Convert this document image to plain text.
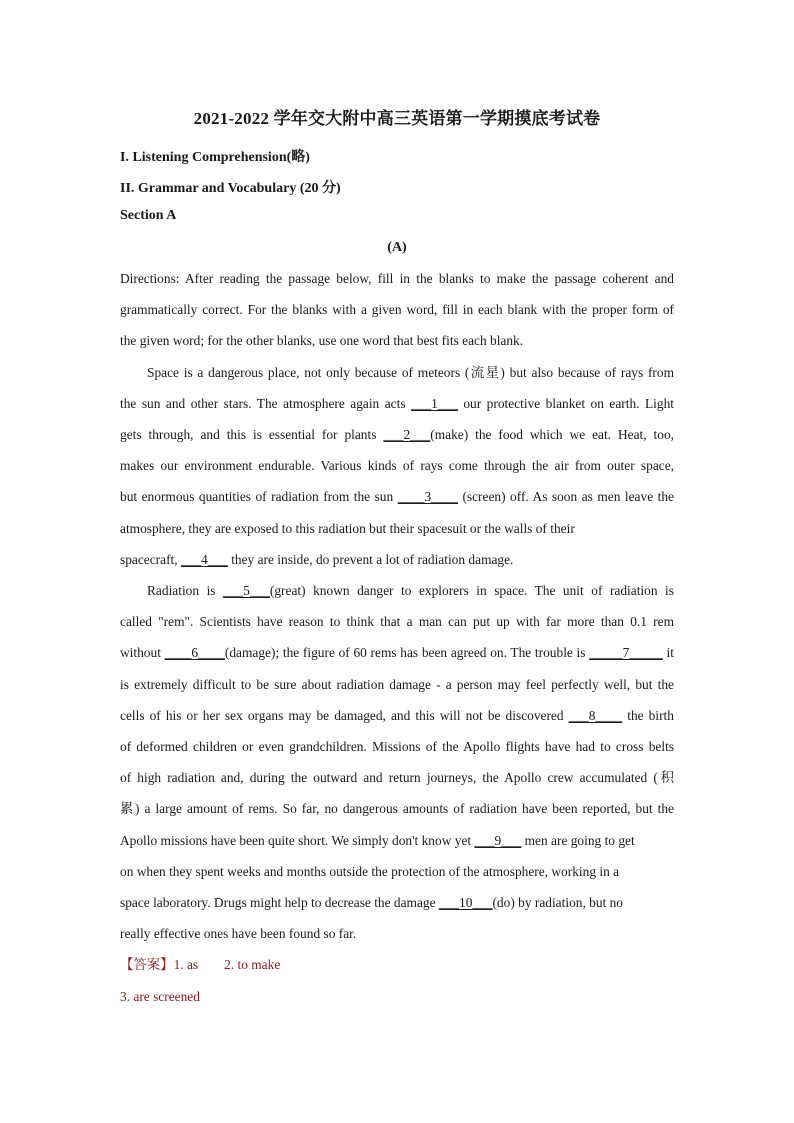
2021-2022 学年交大附中高三英语第一学期摸底考试卷
I. Listening Comprehension(略)
II. Grammar and Vocabulary (20 分)
Section A
(A)
Directions: After reading the passage below, fill in the blanks to make the passage coherent and
grammatically correct. For the blanks with a given word, fill in each blank with the proper form of
the given word; for the other blanks, use one word that best fits each blank.
Space is a dangerous place, not only because of meteors (流星) but also because of rays from
the sun and other stars. The atmosphere again acts ___1___ our protective blanket on earth. Light
gets through, and this is essential for plants ___2___(make) the food which we eat. Heat, too,
makes our environment endurable. Various kinds of rays come through the air from outer space,
but enormous quantities of radiation from the sun ____3____ (screen) off. As soon as men leave the
atmosphere, they are exposed to this radiation but their spacesuit or the walls of their
spacecraft, ___4___ they are inside, do prevent a lot of radiation damage.
Radiation is ___5___(great) known danger to explorers in space. The unit of radiation is
called "rem". Scientists have reason to think that a man can put up with far more than 0.1 rem
without ____6____(damage); the figure of 60 rems has been agreed on. The trouble is _____7_____ it
is extremely difficult to be sure about radiation damage - a person may feel perfectly well, but the
cells of his or her sex organs may be damaged, and this will not be discovered ___8____ the birth
of deformed children or even grandchildren. Missions of the Apollo flights have had to cross belts
of high radiation and, during the outward and return journeys, the Apollo crew accumulated (积
累) a large amount of rems. So far, no dangerous amounts of radiation have been reported, but the
Apollo missions have been quite short. We simply don't know yet ___9___ men are going to get
on when they spent weeks and months outside the protection of the atmosphere, working in a
space laboratory. Drugs might help to decrease the damage ___10___(do) by radiation, but no
really effective ones have been found so far.
【答案】1. as 2. to make
3. are screened
